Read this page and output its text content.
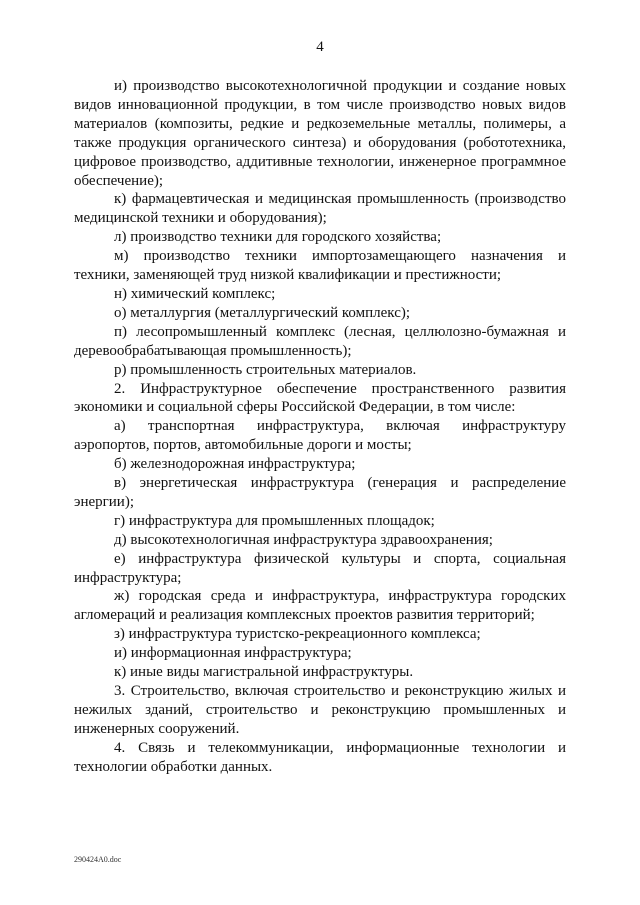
4

и) производство высокотехнологичной продукции и создание новых видов инновационной продукции, в том числе производство новых видов материалов (композиты, редкие и редкоземельные металлы, полимеры, а также продукция органического синтеза) и оборудования (робототехника, цифровое производство, аддитивные технологии, инженерное программное обеспечение);

к) фармацевтическая и медицинская промышленность (производство медицинской техники и оборудования);

л) производство техники для городского хозяйства;

м) производство техники импортозамещающего назначения и техники, заменяющей труд низкой квалификации и престижности;

н) химический комплекс;

о) металлургия (металлургический комплекс);

п) лесопромышленный комплекс (лесная, целлюлозно-бумажная и деревообрабатывающая промышленность);

р) промышленность строительных материалов.

2. Инфраструктурное обеспечение пространственного развития экономики и социальной сферы Российской Федерации, в том числе:

а) транспортная инфраструктура, включая инфраструктуру аэропортов, портов, автомобильные дороги и мосты;

б) железнодорожная инфраструктура;

в) энергетическая инфраструктура (генерация и распределение энергии);

г) инфраструктура для промышленных площадок;

д) высокотехнологичная инфраструктура здравоохранения;

е) инфраструктура физической культуры и спорта, социальная инфраструктура;

ж) городская среда и инфраструктура, инфраструктура городских агломераций и реализация комплексных проектов развития территорий;

з) инфраструктура туристско-рекреационного комплекса;

и) информационная инфраструктура;

к) иные виды магистральной инфраструктуры.

3. Строительство, включая строительство и реконструкцию жилых и нежилых зданий, строительство и реконструкцию промышленных и инженерных сооружений.

4. Связь и телекоммуникации, информационные технологии и технологии обработки данных.

290424A0.doc
